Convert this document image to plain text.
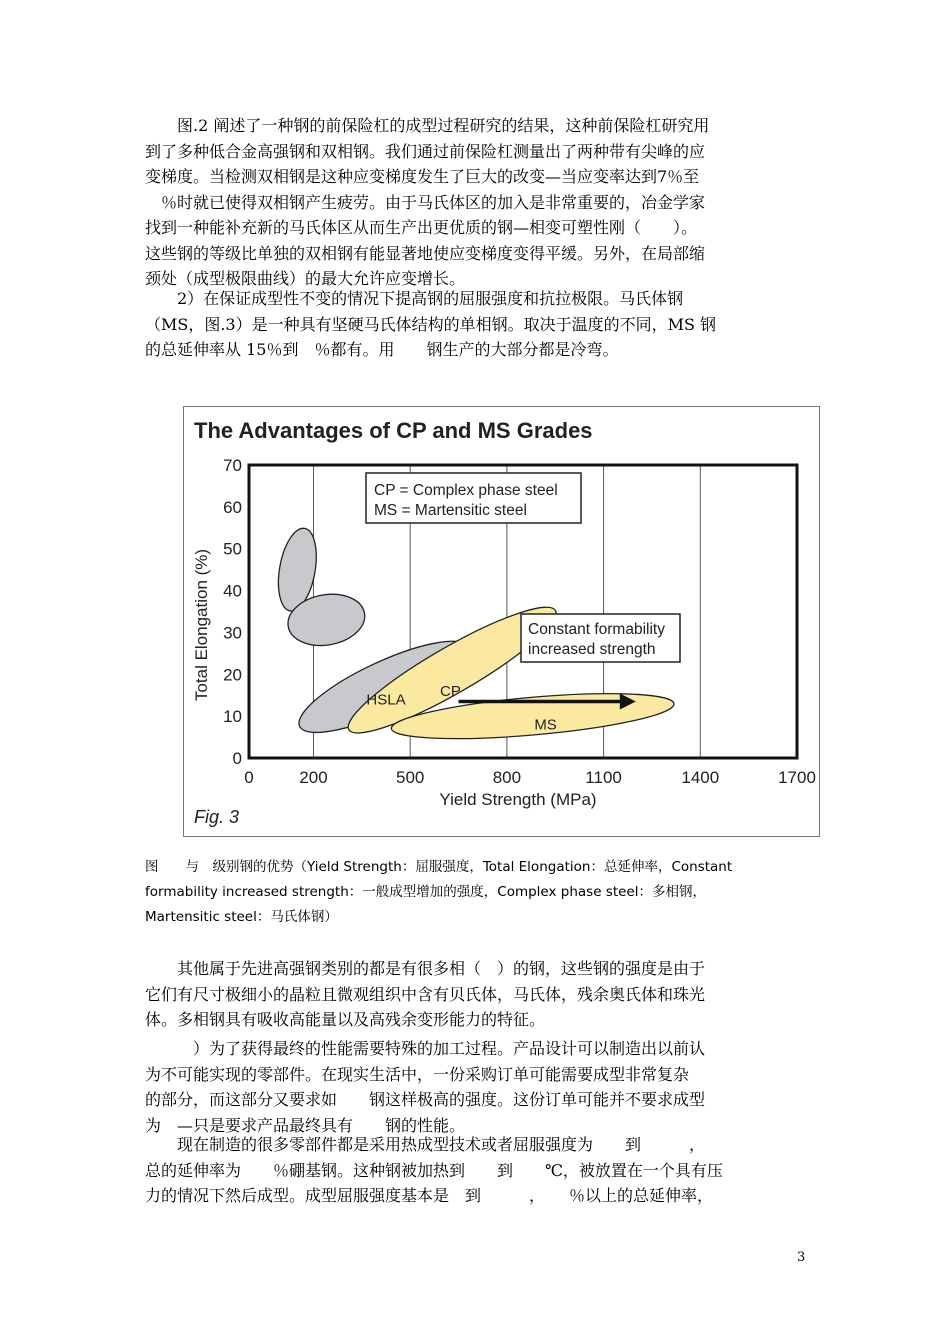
　　图.2 阐述了一种钢的前保险杠的成型过程研究的结果，这种前保险杠研究用
到了多种低合金高强钢和双相钢。我们通过前保险杠测量出了两种带有尖峰的应
变梯度。当检测双相钢是这种应变梯度发生了巨大的改变—当应变率达到7％至
　％时就已使得双相钢产生疲劳。由于马氏体区的加入是非常重要的，冶金学家
找到一种能补充新的马氏体区从而生产出更优质的钢—相变可塑性刚（　　）。
这些钢的等级比单独的双相钢有能显著地使应变梯度变得平缓。另外，在局部缩
颈处（成型极限曲线）的最大允许应变增长。
　　2）在保证成型性不变的情况下提高钢的屈服强度和抗拉极限。马氏体钢
（MS，图.3）是一种具有坚硬马氏体结构的单相钢。取决于温度的不同，MS 钢
的总延伸率从 15％到　％都有。用　　钢生产的大部分都是冷弯。
The Advantages of CP and MS Grades
Total Elongation (%)
Yield Strength (MPa)
Fig. 3
HSLA CP
MS
0
10
20
30
40
50
60
70
0	200	500	800	1100	1400	1700
CP = Complex phase steel
MS = Martensitic steel
Constant formability
increased strength
图　　与　级别钢的优势（Yield Strength：屈服强度，Total Elongation：总延伸率，Constant
formability increased strength：一般成型增加的强度，Complex phase steel：多相钢，
Martensitic steel：马氏体钢）
　　其他属于先进高强钢类别的都是有很多相（　）的钢，这些钢的强度是由于
它们有尺寸极细小的晶粒且微观组织中含有贝氏体，马氏体，残余奥氏体和珠光
体。多相钢具有吸收高能量以及高残余变形能力的特征。
　　　）为了获得最终的性能需要特殊的加工过程。产品设计可以制造出以前认
为不可能实现的零部件。在现实生活中，一份采购订单可能需要成型非常复杂
的部分，而这部分又要求如　　钢这样极高的强度。这份订单可能并不要求成型
为　—只是要求产品最终具有　　钢的性能。
　　现在制造的很多零部件都是采用热成型技术或者屈服强度为　　到　　　，
总的延伸率为　　％硼基钢。这种钢被加热到　　到　　℃，被放置在一个具有压
力的情况下然后成型。成型屈服强度基本是　到　　　，　　％以上的总延伸率，
3
